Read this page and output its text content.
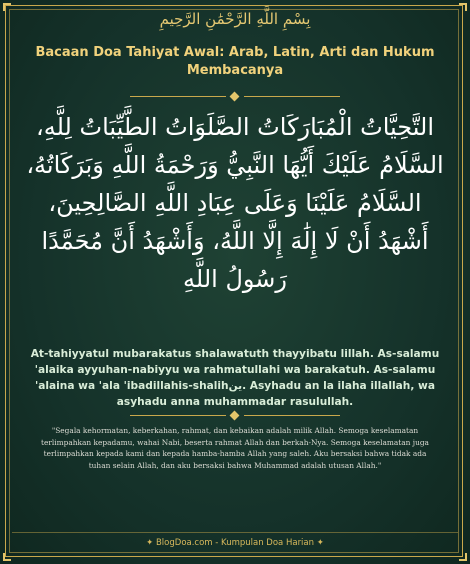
بِسْمِ اللَّهِ الرَّحْمَٰنِ الرَّحِيمِ
Bacaan Doa Tahiyat Awal: Arab, Latin, Arti dan Hukum Membacanya
التَّحِيَّاتُ الْمُبَارَكَاتُ الصَّلَوَاتُ الطَّيِّبَاتُ لِلَّهِ،
السَّلَامُ عَلَيْكَ أَيُّهَا النَّبِيُّ وَرَحْمَةُ اللَّهِ وَبَرَكَاتُهُ،
السَّلَامُ عَلَيْنَا وَعَلَى عِبَادِ اللَّهِ الصَّالِحِينَ،
أَشْهَدُ أَنْ لَا إِلَٰهَ إِلَّا اللَّهُ، وَأَشْهَدُ أَنَّ مُحَمَّدًا
رَسُولُ اللَّهِ
At-tahiyyatul mubarakatus shalawatuth thayyibatu lillah. As-salamu 'alaika ayyuhan-nabiyyu wa rahmatullahi wa barakatuh. As-salamu 'alaina wa 'ala 'ibadillahis-shalihين. Asyhadu an la ilaha illallah, wa asyhadu anna muhammadar rasulullah.
"Segala kehormatan, keberkahan, rahmat, dan kebaikan adalah milik Allah. Semoga keselamatan terlimpahkan kepadamu, wahai Nabi, beserta rahmat Allah dan berkah-Nya. Semoga keselamatan juga terlimpahkan kepada kami dan kepada hamba-hamba Allah yang saleh. Aku bersaksi bahwa tidak ada tuhan selain Allah, dan aku bersaksi bahwa Muhammad adalah utusan Allah."
✦ BlogDoa.com - Kumpulan Doa Harian ✦
